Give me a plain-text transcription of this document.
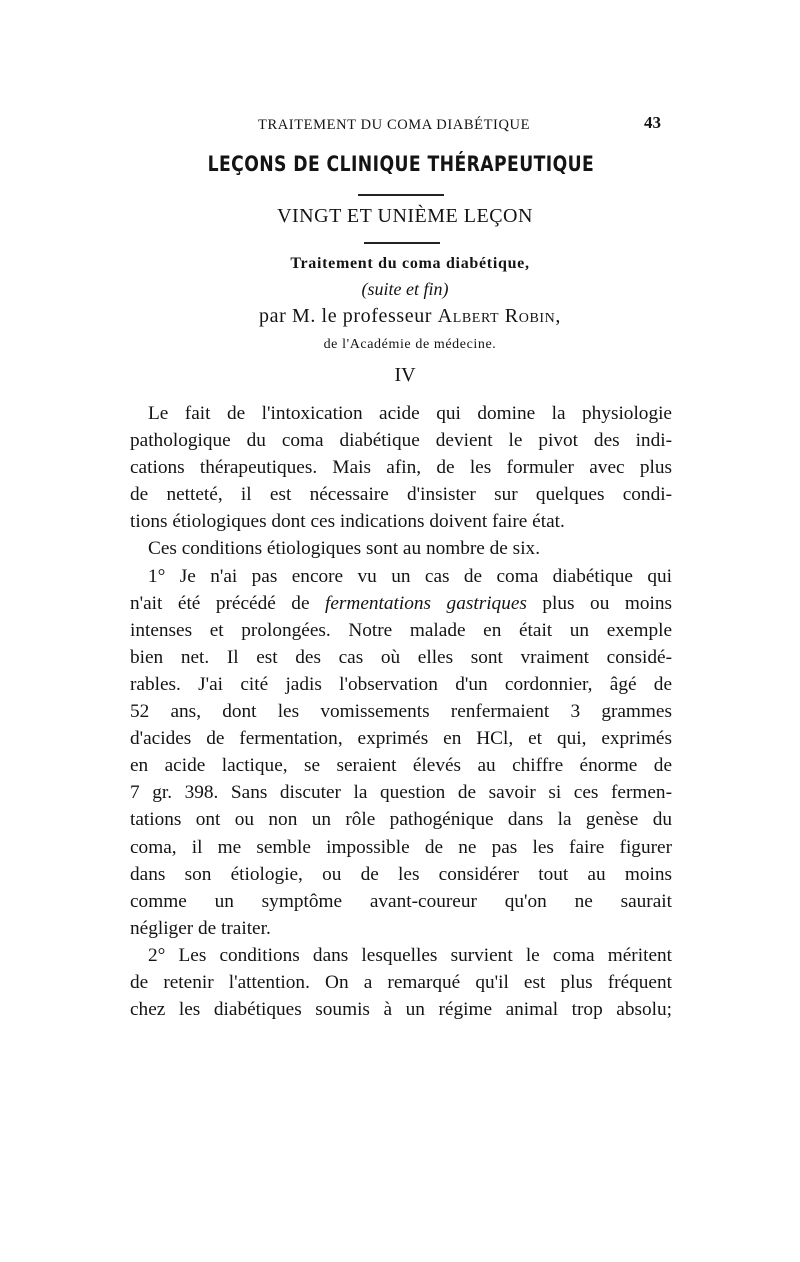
TRAITEMENT DU COMA DIABÉTIQUE	43
LEÇONS DE CLINIQUE THÉRAPEUTIQUE
VINGT ET UNIÈME LEÇON
Traitement du coma diabétique,
(suite et fin)
par M. le professeur Albert Robin,
de l'Académie de médecine.
IV
Le fait de l'intoxication acide qui domine la physiologie
pathologique du coma diabétique devient le pivot des indi-
cations thérapeutiques. Mais afin, de les formuler avec plus
de netteté, il est nécessaire d'insister sur quelques condi-
tions étiologiques dont ces indications doivent faire état.
Ces conditions étiologiques sont au nombre de six.
1° Je n'ai pas encore vu un cas de coma diabétique qui
n'ait été précédé de fermentations gastriques plus ou moins
intenses et prolongées. Notre malade en était un exemple
bien net. Il est des cas où elles sont vraiment considé-
rables. J'ai cité jadis l'observation d'un cordonnier, âgé de
52 ans, dont les vomissements renfermaient 3 grammes
d'acides de fermentation, exprimés en HCl, et qui, exprimés
en acide lactique, se seraient élevés au chiffre énorme de
7 gr. 398. Sans discuter la question de savoir si ces fermen-
tations ont ou non un rôle pathogénique dans la genèse du
coma, il me semble impossible de ne pas les faire figurer
dans son étiologie, ou de les considérer tout au moins
comme un symptôme avant-coureur qu'on ne saurait
négliger de traiter.
2° Les conditions dans lesquelles survient le coma méritent
de retenir l'attention. On a remarqué qu'il est plus fréquent
chez les diabétiques soumis à un régime animal trop absolu;
